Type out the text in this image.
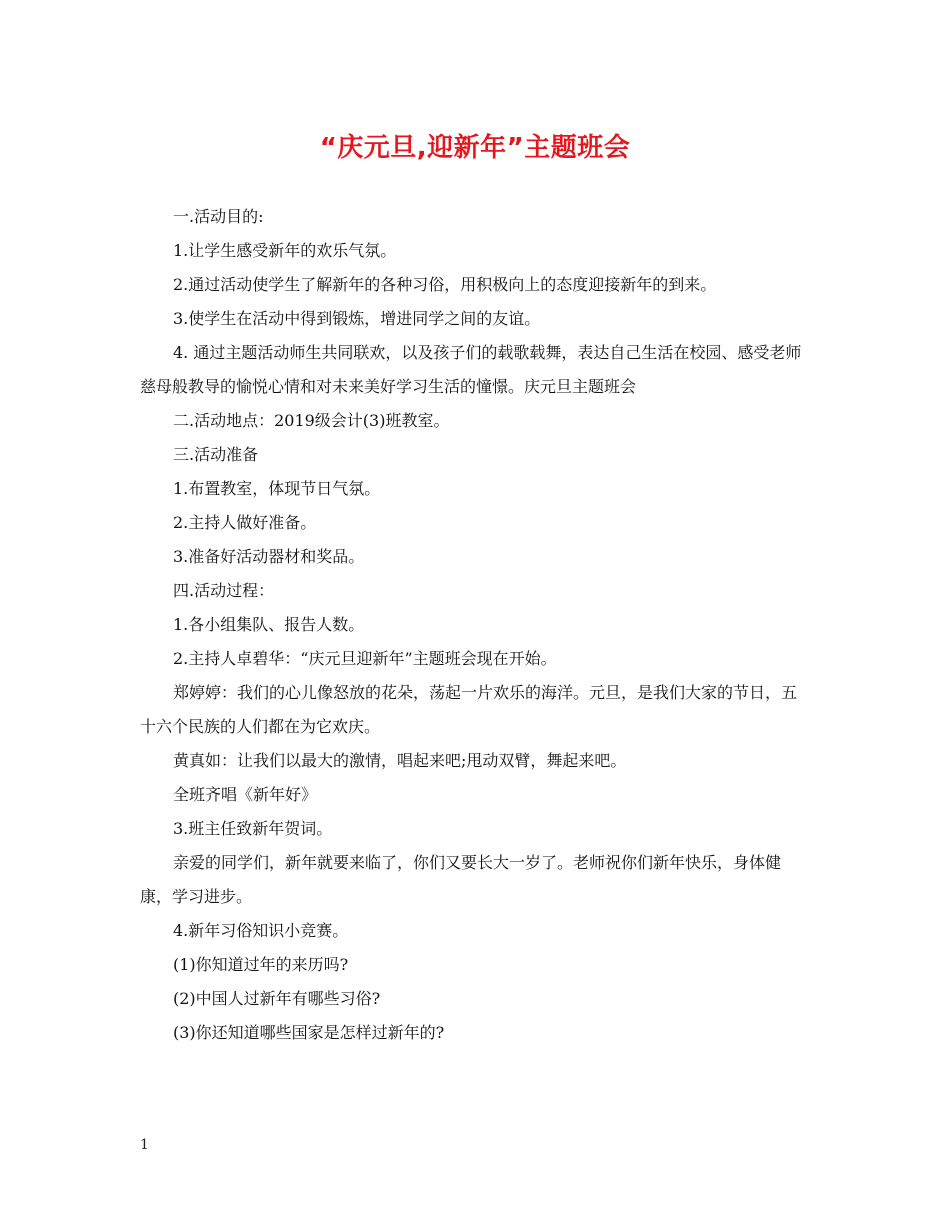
“庆元旦,迎新年”主题班会

一.活动目的:

1.让学生感受新年的欢乐气氛。

2.通过活动使学生了解新年的各种习俗，用积极向上的态度迎接新年的到来。

3.使学生在活动中得到锻炼，增进同学之间的友谊。

4. 通过主题活动师生共同联欢，以及孩子们的载歌载舞，表达自己生活在校园、感受老师慈母般教导的愉悦心情和对未来美好学习生活的憧憬。庆元旦主题班会

二.活动地点：2019级会计(3)班教室。

三.活动准备

1.布置教室，体现节日气氛。

2.主持人做好准备。

3.准备好活动器材和奖品。

四.活动过程：

1.各小组集队、报告人数。

2.主持人卓碧华：“庆元旦迎新年”主题班会现在开始。

郑婷婷：我们的心儿像怒放的花朵，荡起一片欢乐的海洋。元旦，是我们大家的节日，五十六个民族的人们都在为它欢庆。

黄真如：让我们以最大的激情，唱起来吧;甩动双臂，舞起来吧。

全班齐唱《新年好》

3.班主任致新年贺词。

亲爱的同学们，新年就要来临了，你们又要长大一岁了。老师祝你们新年快乐，身体健康，学习进步。

4.新年习俗知识小竞赛。

(1)你知道过年的来历吗?

(2)中国人过新年有哪些习俗?

(3)你还知道哪些国家是怎样过新年的?

1
